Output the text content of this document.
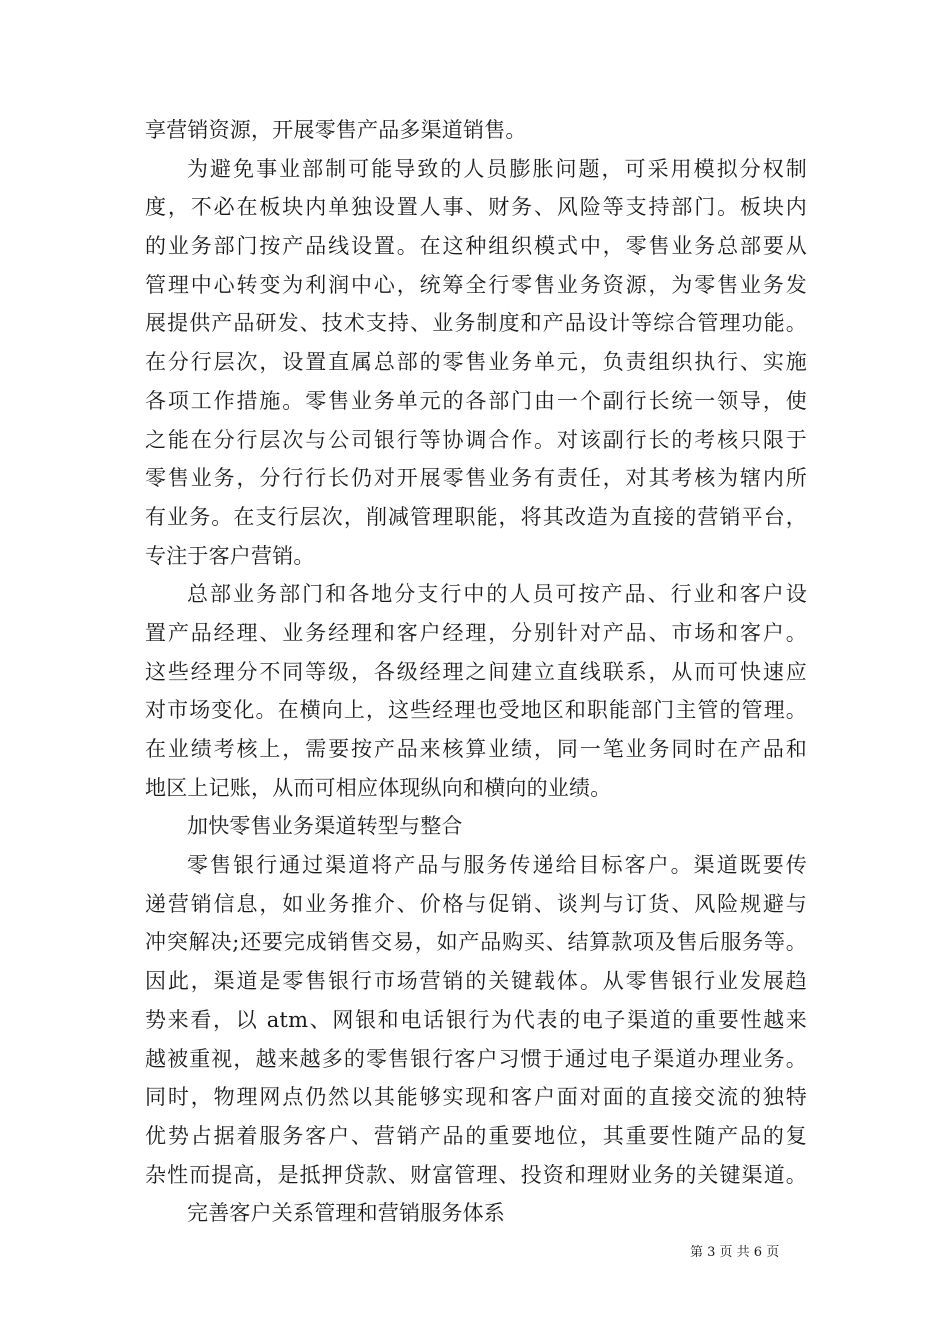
享营销资源，开展零售产品多渠道销售。
为避免事业部制可能导致的人员膨胀问题，可采用模拟分权制
度，不必在板块内单独设置人事、财务、风险等支持部门。板块内
的业务部门按产品线设置。在这种组织模式中，零售业务总部要从
管理中心转变为利润中心，统筹全行零售业务资源，为零售业务发
展提供产品研发、技术支持、业务制度和产品设计等综合管理功能。
在分行层次，设置直属总部的零售业务单元，负责组织执行、实施
各项工作措施。零售业务单元的各部门由一个副行长统一领导，使
之能在分行层次与公司银行等协调合作。对该副行长的考核只限于
零售业务，分行行长仍对开展零售业务有责任，对其考核为辖内所
有业务。在支行层次，削减管理职能，将其改造为直接的营销平台，
专注于客户营销。
总部业务部门和各地分支行中的人员可按产品、行业和客户设
置产品经理、业务经理和客户经理，分别针对产品、市场和客户。
这些经理分不同等级，各级经理之间建立直线联系，从而可快速应
对市场变化。在横向上，这些经理也受地区和职能部门主管的管理。
在业绩考核上，需要按产品来核算业绩，同一笔业务同时在产品和
地区上记账，从而可相应体现纵向和横向的业绩。
加快零售业务渠道转型与整合
零售银行通过渠道将产品与服务传递给目标客户。渠道既要传
递营销信息，如业务推介、价格与促销、谈判与订货、风险规避与
冲突解决;还要完成销售交易，如产品购买、结算款项及售后服务等。
因此，渠道是零售银行市场营销的关键载体。从零售银行业发展趋
势来看，以 atm、网银和电话银行为代表的电子渠道的重要性越来
越被重视，越来越多的零售银行客户习惯于通过电子渠道办理业务。
同时，物理网点仍然以其能够实现和客户面对面的直接交流的独特
优势占据着服务客户、营销产品的重要地位，其重要性随产品的复
杂性而提高，是抵押贷款、财富管理、投资和理财业务的关键渠道。
完善客户关系管理和营销服务体系
第 3 页 共 6 页
